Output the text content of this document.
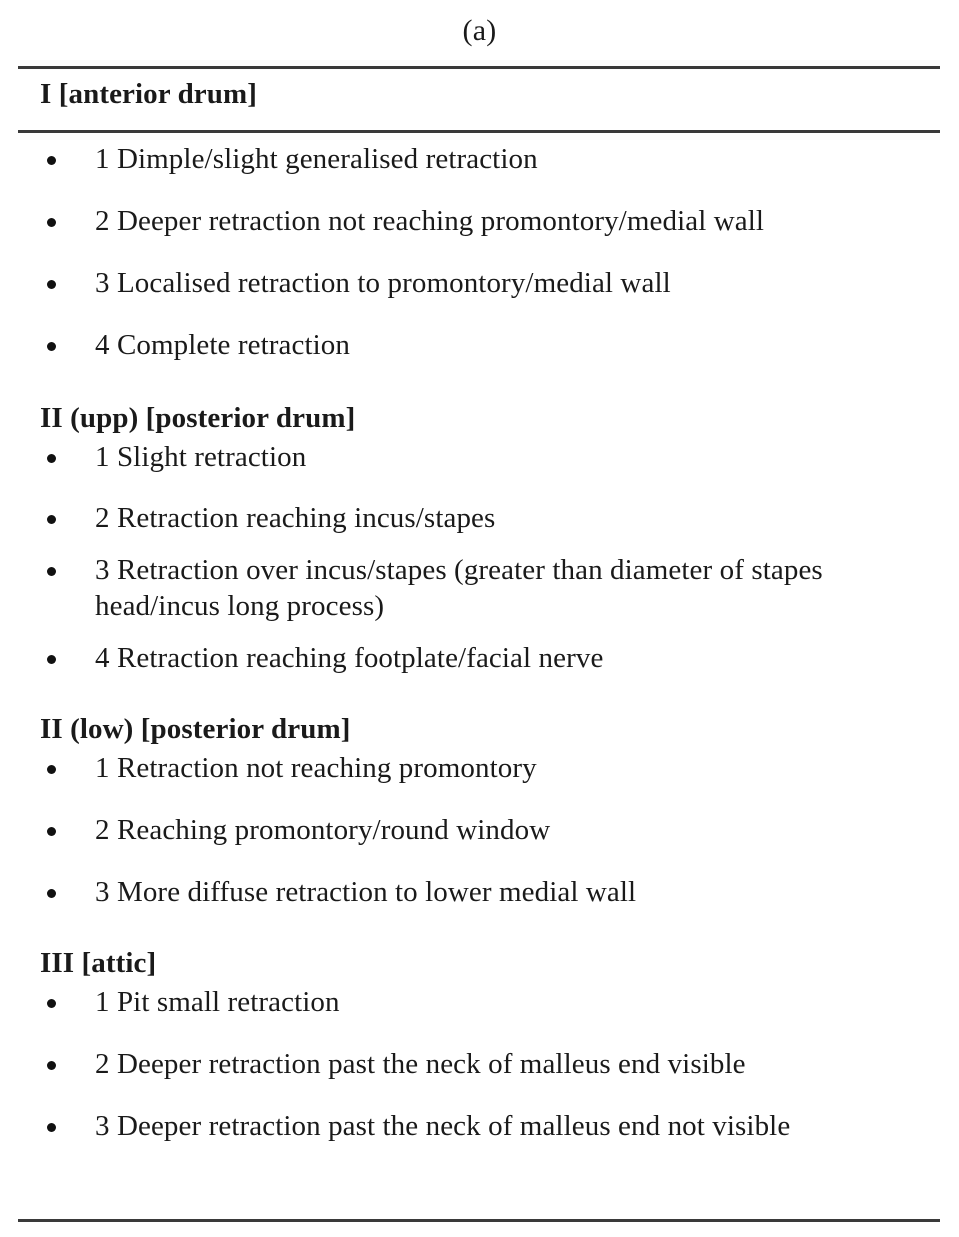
(a)
I [anterior drum]
1 Dimple/slight generalised retraction
2 Deeper retraction not reaching promontory/medial wall
3 Localised retraction to promontory/medial wall
4 Complete retraction
II (upp) [posterior drum]
1 Slight retraction
2 Retraction reaching incus/stapes
3 Retraction over incus/stapes (greater than diameter of stapes
head/incus long process)
4 Retraction reaching footplate/facial nerve
II (low) [posterior drum]
1 Retraction not reaching promontory
2 Reaching promontory/round window
3 More diffuse retraction to lower medial wall
III [attic]
1 Pit small retraction
2 Deeper retraction past the neck of malleus end visible
3 Deeper retraction past the neck of malleus end not visible
